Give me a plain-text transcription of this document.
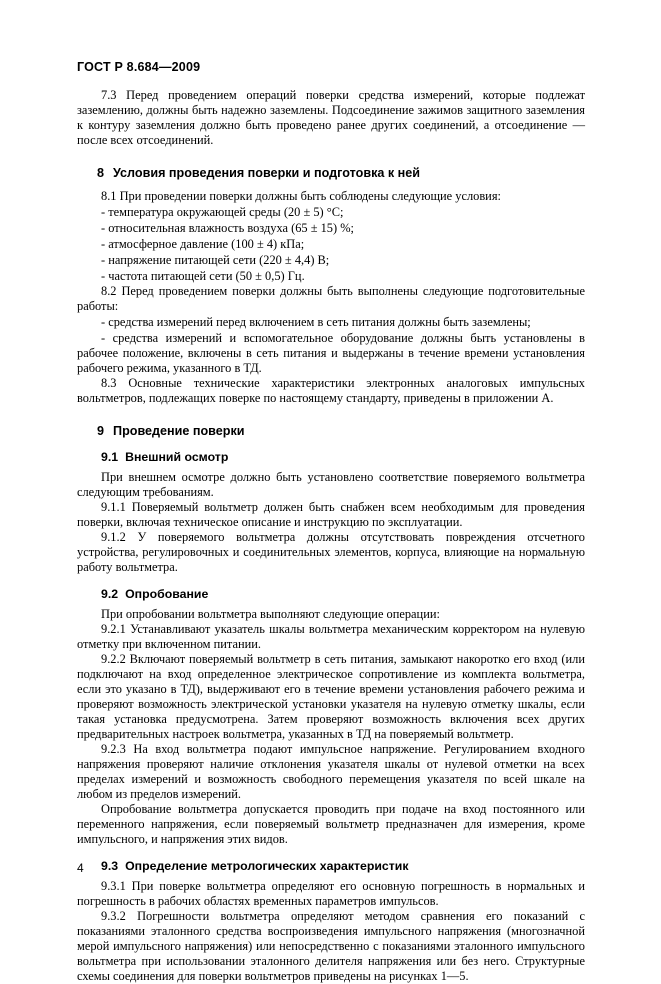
ГОСТ Р 8.684—2009

7.3 Перед проведением операций поверки средства измерений, которые подлежат заземлению, должны быть надежно заземлены. Подсоединение зажимов защитного заземления к контуру заземления должно быть проведено ранее других соединений, а отсоединение — после всех отсоединений.

8 Условия проведения поверки и подготовка к ней

8.1 При проведении поверки должны быть соблюдены следующие условия:

- температура окружающей среды (20 ± 5) °С;

- относительная влажность воздуха (65 ± 15) %;

- атмосферное давление (100 ± 4) кПа;

- напряжение питающей сети (220 ± 4,4) В;

- частота питающей сети (50 ± 0,5) Гц.

8.2 Перед проведением поверки должны быть выполнены следующие подготовительные работы:

- средства измерений перед включением в сеть питания должны быть заземлены;

- средства измерений и вспомогательное оборудование должны быть установлены в рабочее положение, включены в сеть питания и выдержаны в течение времени установления рабочего режима, указанного в ТД.

8.3 Основные технические характеристики электронных аналоговых импульсных вольтметров, подлежащих поверке по настоящему стандарту, приведены в приложении А.

9 Проведение поверки
9.1 Внешний осмотр

При внешнем осмотре должно быть установлено соответствие поверяемого вольтметра следующим требованиям.

9.1.1 Поверяемый вольтметр должен быть снабжен всем необходимым для проведения поверки, включая техническое описание и инструкцию по эксплуатации.

9.1.2 У поверяемого вольтметра должны отсутствовать повреждения отсчетного устройства, регулировочных и соединительных элементов, корпуса, влияющие на нормальную работу вольтметра.

9.2 Опробование

При опробовании вольтметра выполняют следующие операции:

9.2.1 Устанавливают указатель шкалы вольтметра механическим корректором на нулевую отметку при включенном питании.

9.2.2 Включают поверяемый вольтметр в сеть питания, замыкают накоротко его вход (или подключают на вход определенное электрическое сопротивление из комплекта вольтметра, если это указано в ТД), выдерживают его в течение времени установления рабочего режима и проверяют возможность электрической установки указателя на нулевую отметку шкалы, если такая установка предусмотрена. Затем проверяют возможность включения всех других предварительных настроек вольтметра, указанных в ТД на поверяемый вольтметр.

9.2.3 На вход вольтметра подают импульсное напряжение. Регулированием входного напряжения проверяют наличие отклонения указателя шкалы от нулевой отметки на всех пределах измерений и возможность свободного перемещения указателя по всей шкале на любом из пределов измерений.

Опробование вольтметра допускается проводить при подаче на вход постоянного или переменного напряжения, если поверяемый вольтметр предназначен для измерения, кроме импульсного, и напряжения этих видов.

9.3 Определение метрологических характеристик

9.3.1 При поверке вольтметра определяют его основную погрешность в нормальных и погрешность в рабочих областях временных параметров импульсов.

9.3.2 Погрешности вольтметра определяют методом сравнения его показаний с показаниями эталонного средства воспроизведения импульсного напряжения (многозначной мерой импульсного напряжения) или непосредственно с показаниями эталонного импульсного вольтметра при использовании эталонного делителя напряжения или без него. Структурные схемы соединения для поверки вольтметров приведены на рисунках 1—5.

4
